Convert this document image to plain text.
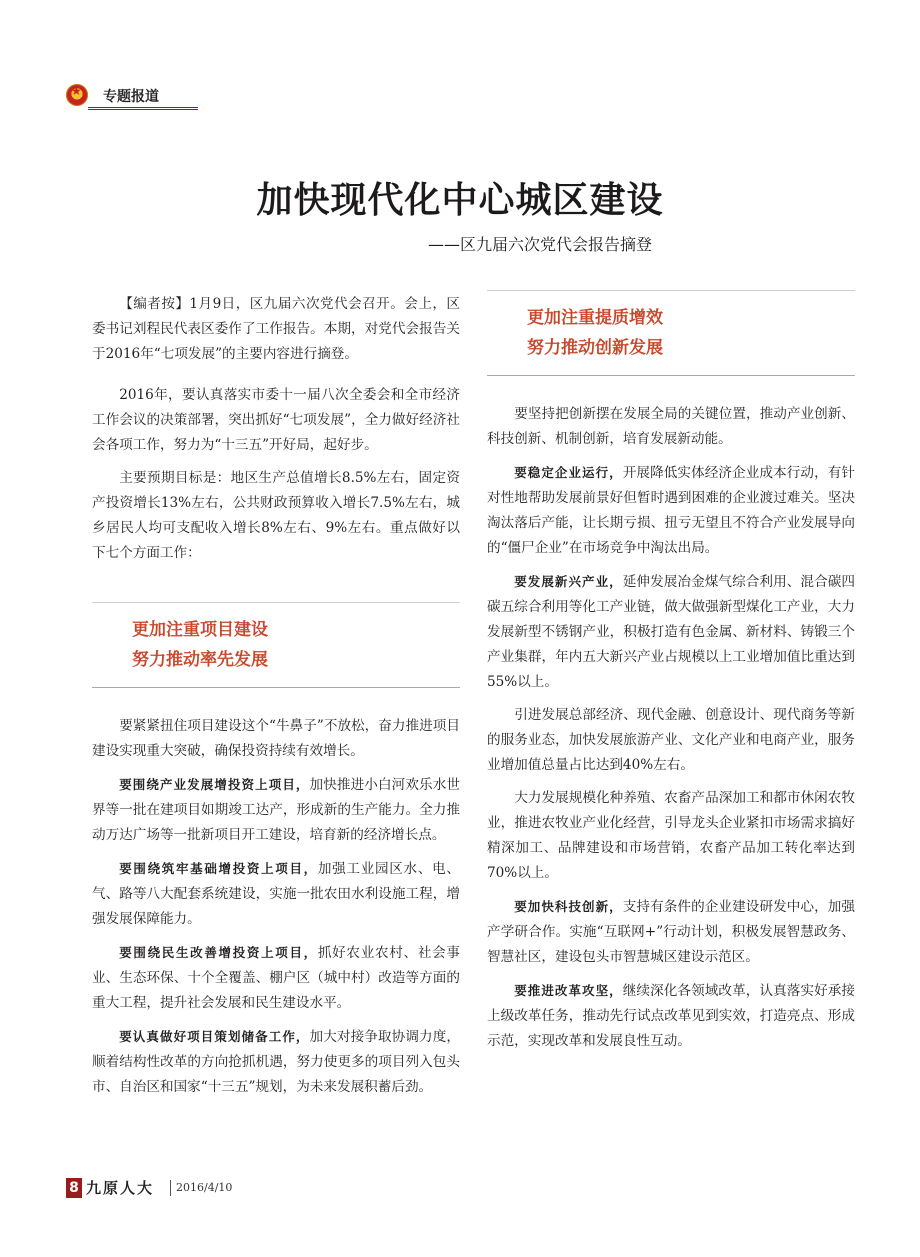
★
专题报道
加快现代化中心城区建设
——区九届六次党代会报告摘登

【编者按】1月9日，区九届六次党代会召开。会上，区委书记刘程民代表区委作了工作报告。本期，对党代会报告关于2016年“七项发展”的主要内容进行摘登。

2016年，要认真落实市委十一届八次全委会和全市经济工作会议的决策部署，突出抓好“七项发展”，全力做好经济社会各项工作，努力为“十三五”开好局，起好步。

主要预期目标是：地区生产总值增长8.5%左右，固定资产投资增长13%左右，公共财政预算收入增长7.5%左右，城乡居民人均可支配收入增长8%左右、9%左右。重点做好以下七个方面工作：

更加注重项目建设
努力推动率先发展

要紧紧扭住项目建设这个“牛鼻子”不放松，奋力推进项目建设实现重大突破，确保投资持续有效增长。

要围绕产业发展增投资上项目，加快推进小白河欢乐水世界等一批在建项目如期竣工达产，形成新的生产能力。全力推动万达广场等一批新项目开工建设，培育新的经济增长点。

要围绕筑牢基础增投资上项目，加强工业园区水、电、气、路等八大配套系统建设，实施一批农田水利设施工程，增强发展保障能力。

要围绕民生改善增投资上项目，抓好农业农村、社会事业、生态环保、十个全覆盖、棚户区（城中村）改造等方面的重大工程，提升社会发展和民生建设水平。

要认真做好项目策划储备工作，加大对接争取协调力度，顺着结构性改革的方向抢抓机遇，努力使更多的项目列入包头市、自治区和国家“十三五”规划，为未来发展积蓄后劲。

更加注重提质增效
努力推动创新发展

要坚持把创新摆在发展全局的关键位置，推动产业创新、科技创新、机制创新，培育发展新动能。

要稳定企业运行，开展降低实体经济企业成本行动，有针对性地帮助发展前景好但暂时遇到困难的企业渡过难关。坚决淘汰落后产能，让长期亏损、扭亏无望且不符合产业发展导向的“僵尸企业”在市场竞争中淘汰出局。

要发展新兴产业，延伸发展冶金煤气综合利用、混合碳四碳五综合利用等化工产业链，做大做强新型煤化工产业，大力发展新型不锈钢产业，积极打造有色金属、新材料、铸锻三个产业集群，年内五大新兴产业占规模以上工业增加值比重达到55%以上。

引进发展总部经济、现代金融、创意设计、现代商务等新的服务业态，加快发展旅游产业、文化产业和电商产业，服务业增加值总量占比达到40%左右。

大力发展规模化种养殖、农畜产品深加工和都市休闲农牧业，推进农牧业产业化经营，引导龙头企业紧扣市场需求搞好精深加工、品牌建设和市场营销，农畜产品加工转化率达到70%以上。

要加快科技创新，支持有条件的企业建设研发中心，加强产学研合作。实施“互联网+”行动计划，积极发展智慧政务、智慧社区，建设包头市智慧城区建设示范区。

要推进改革攻坚，继续深化各领域改革，认真落实好承接上级改革任务，推动先行试点改革见到实效，打造亮点、形成示范，实现改革和发展良性互动。

8 九原人大 2016/4/10
